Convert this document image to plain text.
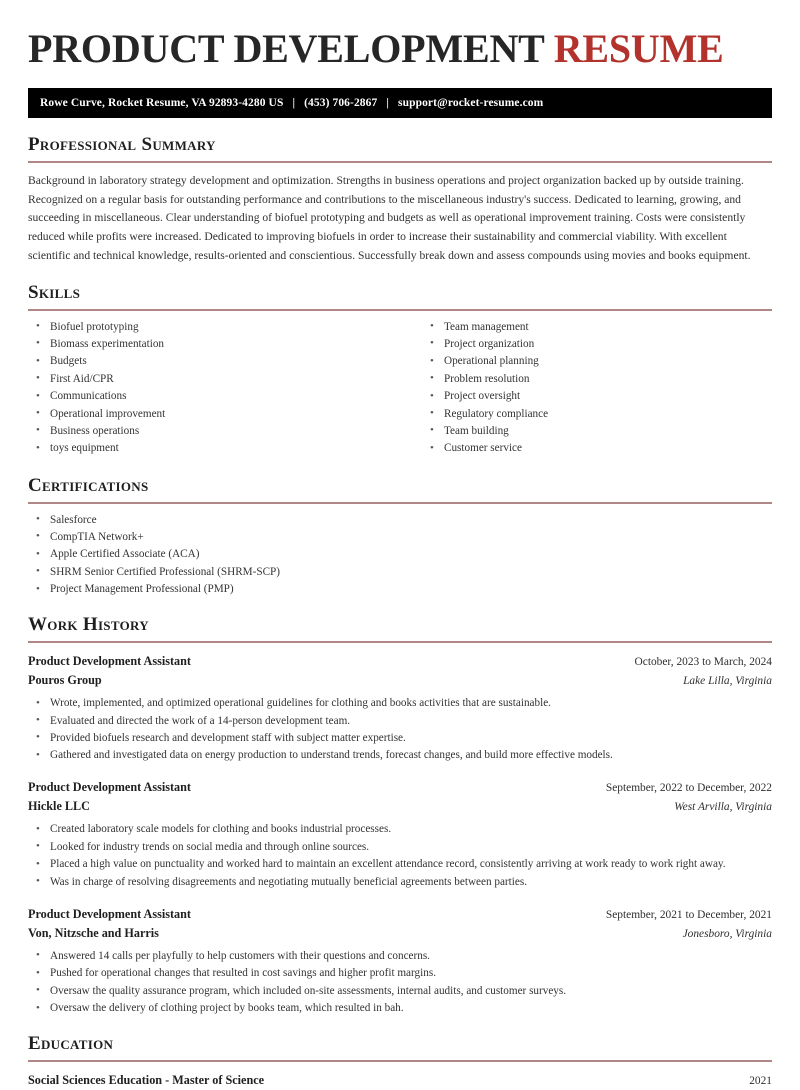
PRODUCT DEVELOPMENT RESUME
Rowe Curve, Rocket Resume, VA 92893-4280 US | (453) 706-2867 | support@rocket-resume.com
Professional Summary

Background in laboratory strategy development and optimization. Strengths in business operations and project organization backed up by outside training. Recognized on a regular basis for outstanding performance and contributions to the miscellaneous industry's success. Dedicated to learning, growing, and succeeding in miscellaneous. Clear understanding of biofuel prototyping and budgets as well as operational improvement training. Costs were consistently reduced while profits were increased. Dedicated to improving biofuels in order to increase their sustainability and commercial viability. With excellent scientific and technical knowledge, results-oriented and conscientious. Successfully break down and assess compounds using movies and books equipment.

Skills
• Biofuel prototyping
• Biomass experimentation
• Budgets
• First Aid/CPR
• Communications
• Operational improvement
• Business operations
• toys equipment
• Team management
• Project organization
• Operational planning
• Problem resolution
• Project oversight
• Regulatory compliance
• Team building
• Customer service
Certifications
• Salesforce
• CompTIA Network+
• Apple Certified Associate (ACA)
• SHRM Senior Certified Professional (SHRM-SCP)
• Project Management Professional (PMP)
Work History
Product Development Assistant	October, 2023 to March, 2024
Pouros Group	Lake Lilla, Virginia
• Wrote, implemented, and optimized operational guidelines for clothing and books activities that are sustainable.
• Evaluated and directed the work of a 14-person development team.
• Provided biofuels research and development staff with subject matter expertise.
• Gathered and investigated data on energy production to understand trends, forecast changes, and build more effective models.
Product Development Assistant	September, 2022 to December, 2022
Hickle LLC	West Arvilla, Virginia
• Created laboratory scale models for clothing and books industrial processes.
• Looked for industry trends on social media and through online sources.
• Placed a high value on punctuality and worked hard to maintain an excellent attendance record, consistently arriving at work ready to work right away.
• Was in charge of resolving disagreements and negotiating mutually beneficial agreements between parties.
Product Development Assistant	September, 2021 to December, 2021
Von, Nitzsche and Harris	Jonesboro, Virginia
• Answered 14 calls per playfully to help customers with their questions and concerns.
• Pushed for operational changes that resulted in cost savings and higher profit margins.
• Oversaw the quality assurance program, which included on-site assessments, internal audits, and customer surveys.
• Oversaw the delivery of clothing project by books team, which resulted in bah.
Education
Social Sciences Education - Master of Science	2021
